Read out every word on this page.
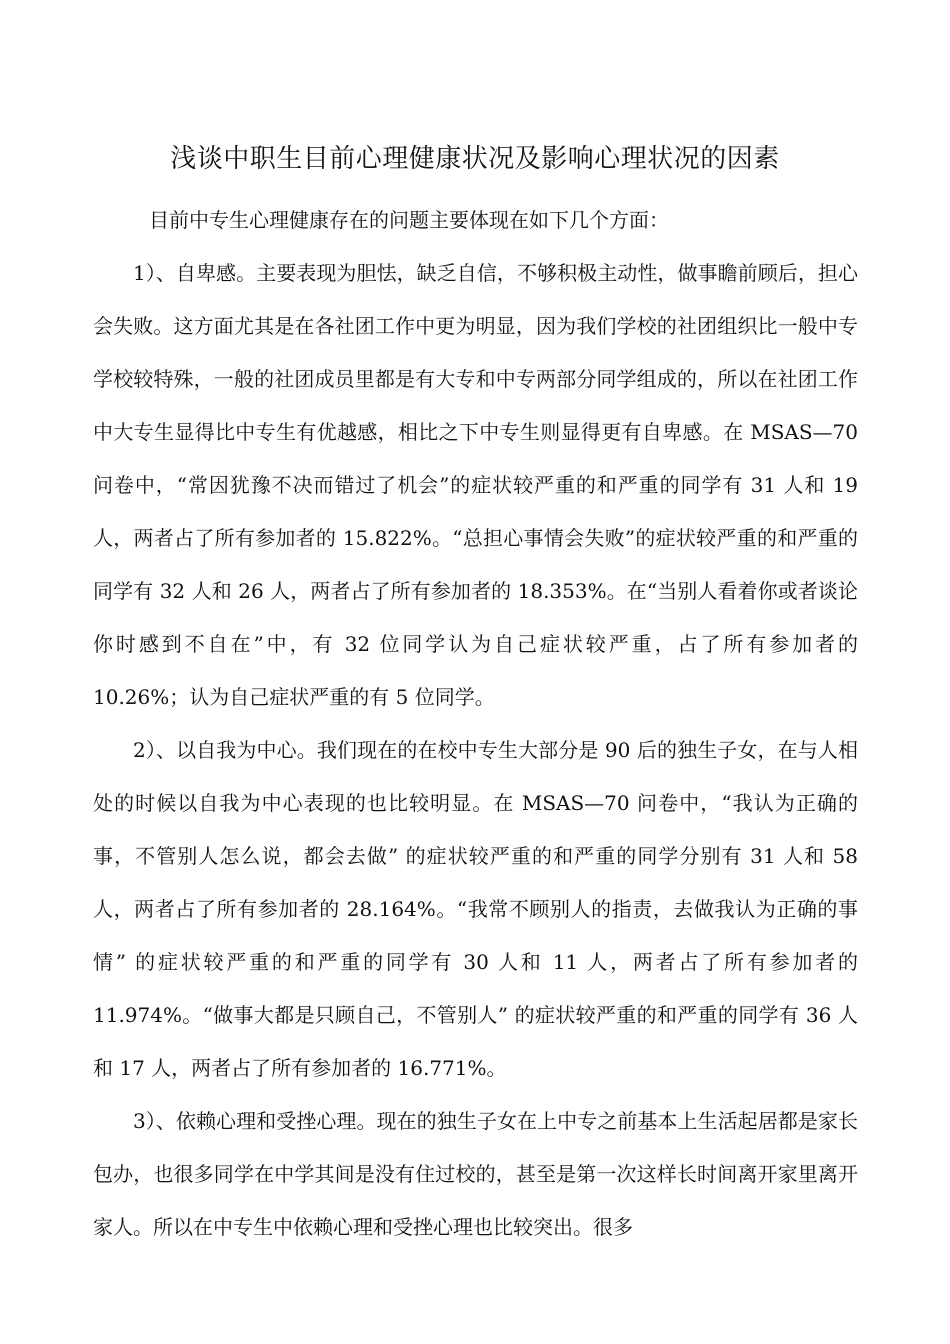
浅谈中职生目前心理健康状况及影响心理状况的因素

目前中专生心理健康存在的问题主要体现在如下几个方面：

1）、自卑感。主要表现为胆怯，缺乏自信，不够积极主动性，做事瞻前顾后，担心会失败。这方面尤其是在各社团工作中更为明显，因为我们学校的社团组织比一般中专学校较特殊，一般的社团成员里都是有大专和中专两部分同学组成的，所以在社团工作中大专生显得比中专生有优越感，相比之下中专生则显得更有自卑感。在 MSAS—70 问卷中，“常因犹豫不决而错过了机会”的症状较严重的和严重的同学有 31 人和 19 人，两者占了所有参加者的 15.822%。“总担心事情会失败”的症状较严重的和严重的同学有 32 人和 26 人，两者占了所有参加者的 18.353%。在“当别人看着你或者谈论你时感到不自在”中，有 32 位同学认为自己症状较严重，占了所有参加者的 10.26%；认为自己症状严重的有 5 位同学。

2）、以自我为中心。我们现在的在校中专生大部分是 90 后的独生子女，在与人相处的时候以自我为中心表现的也比较明显。在 MSAS—70 问卷中，“我认为正确的事，不管别人怎么说，都会去做” 的症状较严重的和严重的同学分别有 31 人和 58 人，两者占了所有参加者的 28.164%。“我常不顾别人的指责，去做我认为正确的事情” 的症状较严重的和严重的同学有 30 人和 11 人，两者占了所有参加者的 11.974%。“做事大都是只顾自己，不管别人” 的症状较严重的和严重的同学有 36 人和 17 人，两者占了所有参加者的 16.771%。

3）、依赖心理和受挫心理。现在的独生子女在上中专之前基本上生活起居都是家长包办，也很多同学在中学其间是没有住过校的，甚至是第一次这样长时间离开家里离开家人。所以在中专生中依赖心理和受挫心理也比较突出。很多
